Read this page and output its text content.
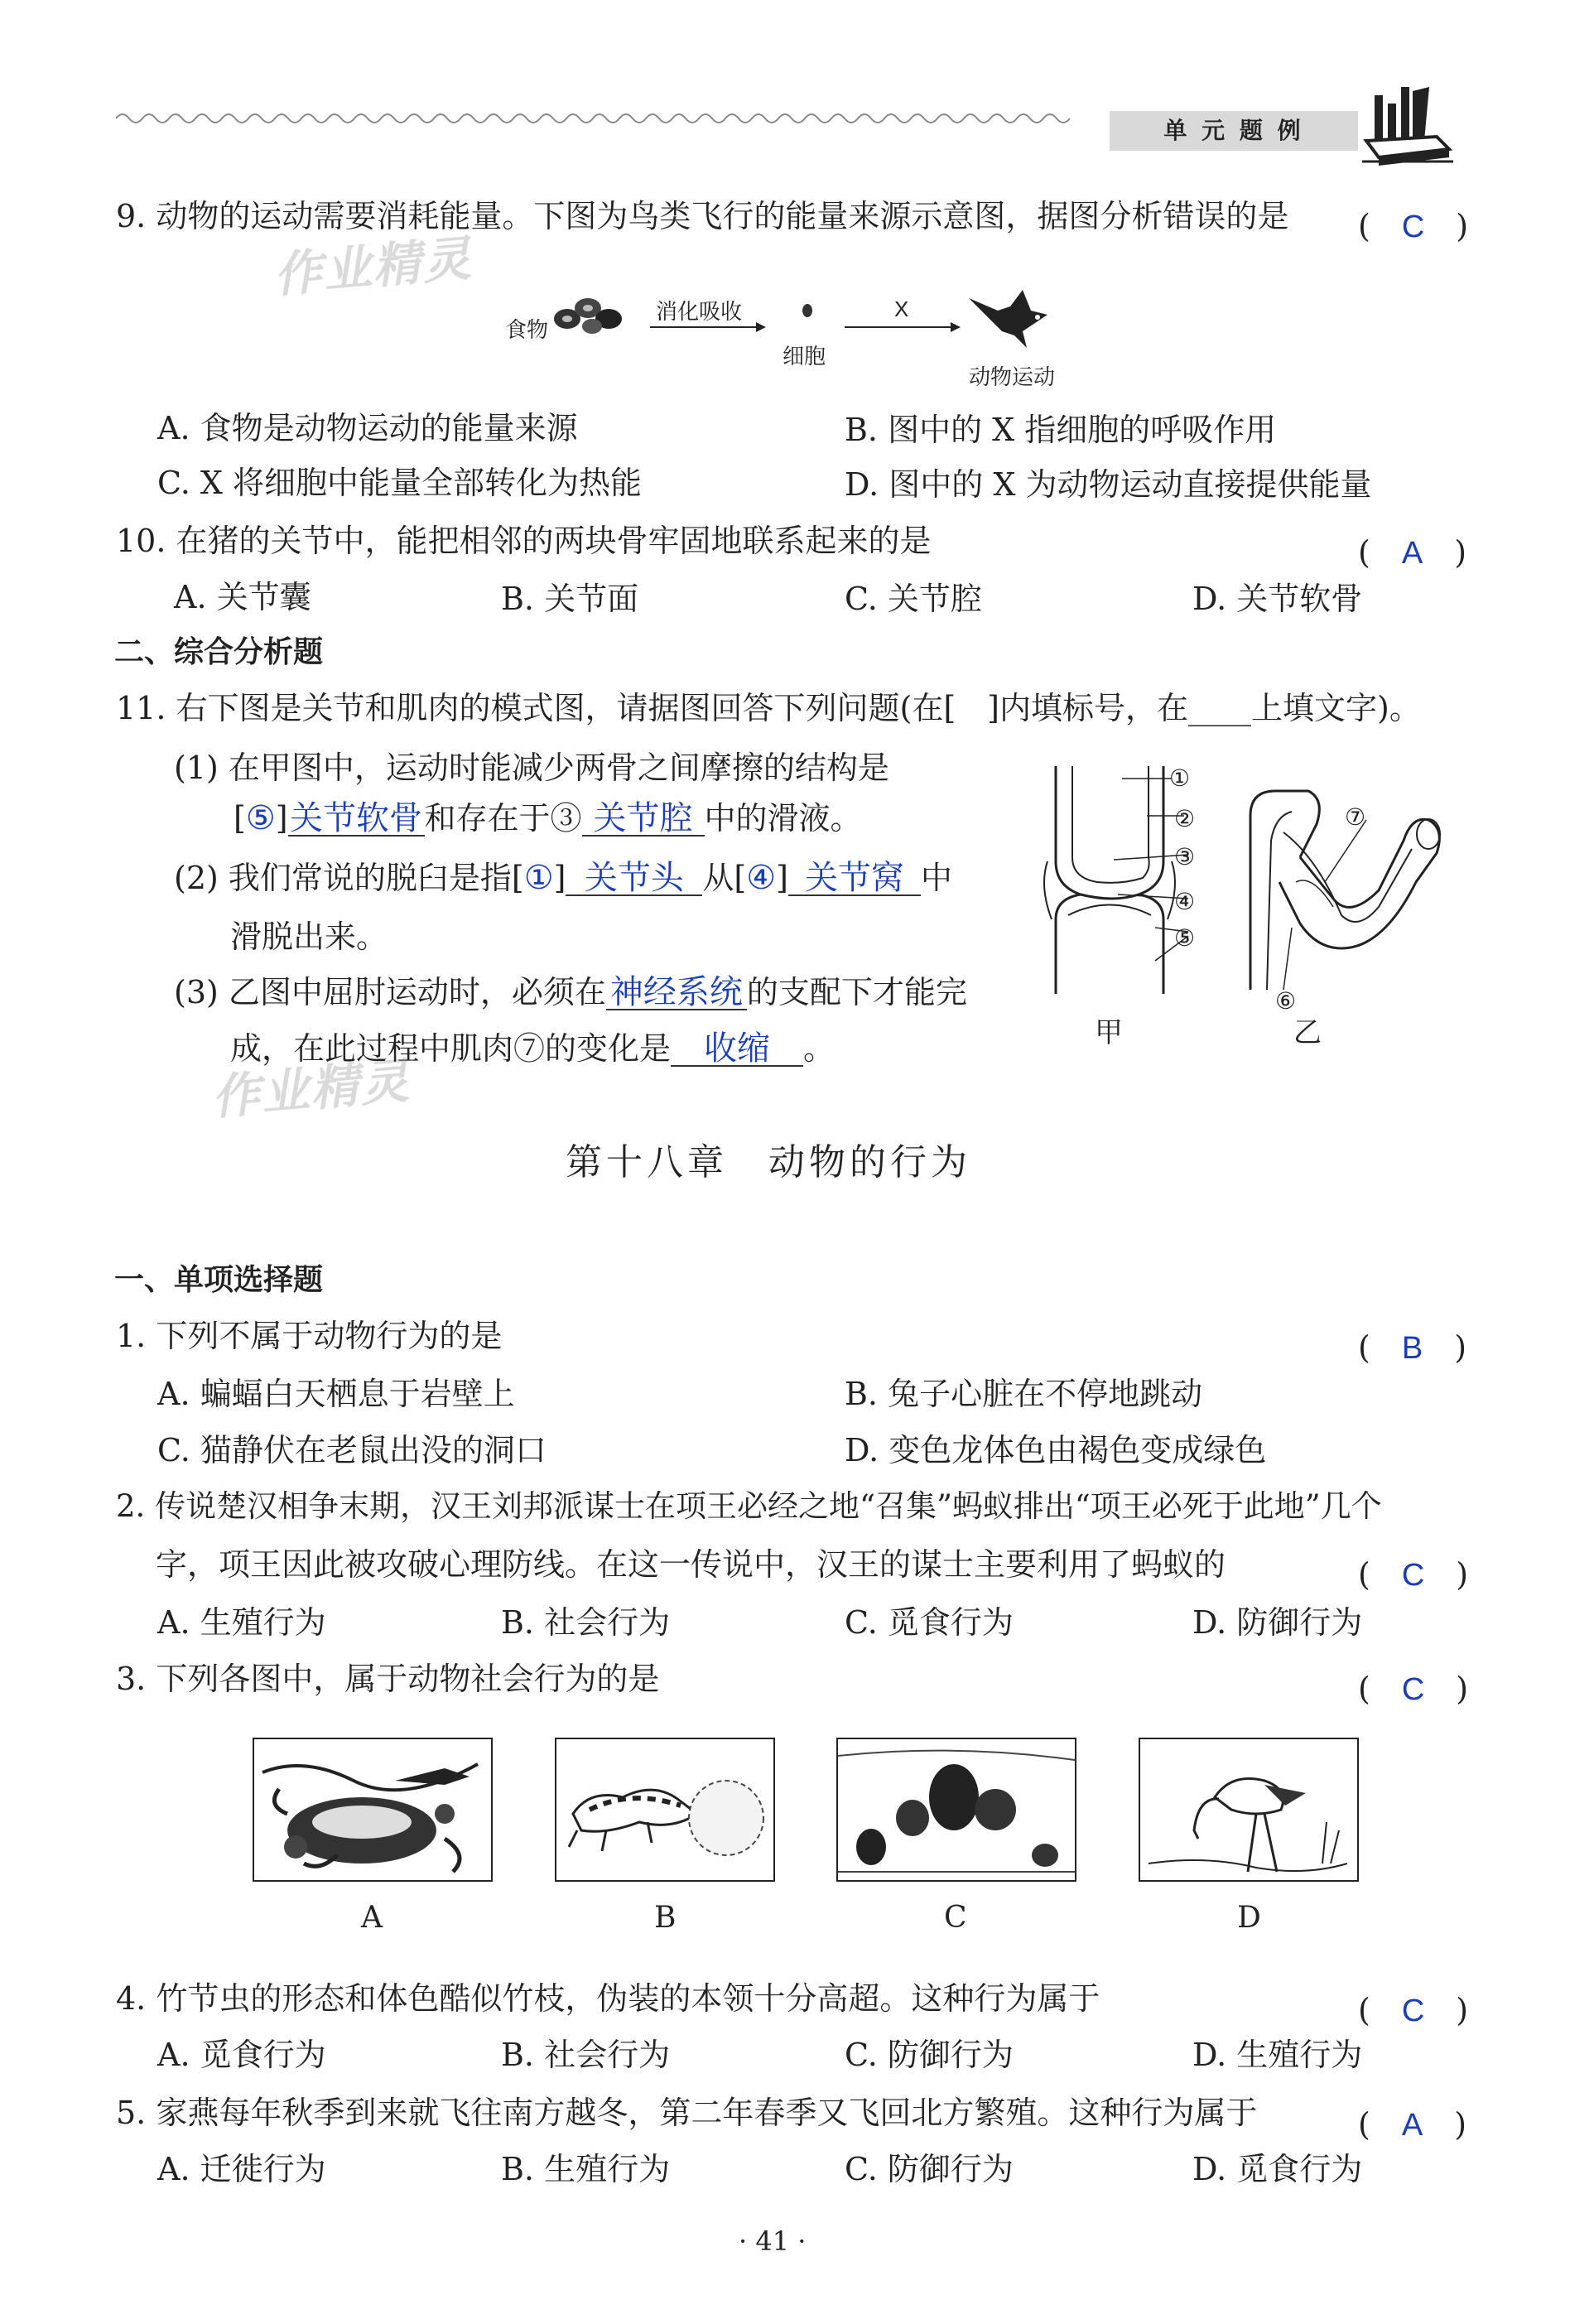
单 元 题 例
作业精灵
作业精灵
9. 动物的运动需要消耗能量。下图为鸟类飞行的能量来源示意图，据图分析错误的是 (　C　)
食物
消化吸收
细胞
X
动物运动
A. 食物是动物运动的能量来源	B. 图中的 X 指细胞的呼吸作用
C. X 将细胞中能量全部转化为热能	D. 图中的 X 为动物运动直接提供能量
10. 在猪的关节中，能把相邻的两块骨牢固地联系起来的是	(　A　)
A. 关节囊	B. 关节面	C. 关节腔	D. 关节软骨
二、综合分析题
11. 右下图是关节和肌肉的模式图，请据图回答下列问题(在[　]内填标号，在____上填文字)。
(1) 在甲图中，运动时能减少两骨之间摩擦的结构是
[⑤]关节软骨和存在于③ 关节腔 中的滑液。
(2) 我们常说的脱臼是指[①] 关节头 从[④] 关节窝 中
滑脱出来。
(3) 乙图中屈肘运动时，必须在 神经系统 的支配下才能完
成，在此过程中肌肉⑦的变化是 收缩 。
①
②
③
④
⑤
甲
⑦
⑥
乙
第十八章　动物的行为
一、单项选择题
1. 下列不属于动物行为的是	(　B　)
A. 蝙蝠白天栖息于岩壁上	B. 兔子心脏在不停地跳动
C. 猫静伏在老鼠出没的洞口	D. 变色龙体色由褐色变成绿色
2. 传说楚汉相争末期，汉王刘邦派谋士在项王必经之地“召集”蚂蚁排出“项王必死于此地”几个
字，项王因此被攻破心理防线。在这一传说中，汉王的谋士主要利用了蚂蚁的	(　C　)
A. 生殖行为	B. 社会行为	C. 觅食行为	D. 防御行为
3. 下列各图中，属于动物社会行为的是	(　C　)
A	B	C	D
4. 竹节虫的形态和体色酷似竹枝，伪装的本领十分高超。这种行为属于	(　C　)
A. 觅食行为	B. 社会行为	C. 防御行为	D. 生殖行为
5. 家燕每年秋季到来就飞往南方越冬，第二年春季又飞回北方繁殖。这种行为属于	(　A　)
A. 迁徙行为	B. 生殖行为	C. 防御行为	D. 觅食行为
· 41 ·
